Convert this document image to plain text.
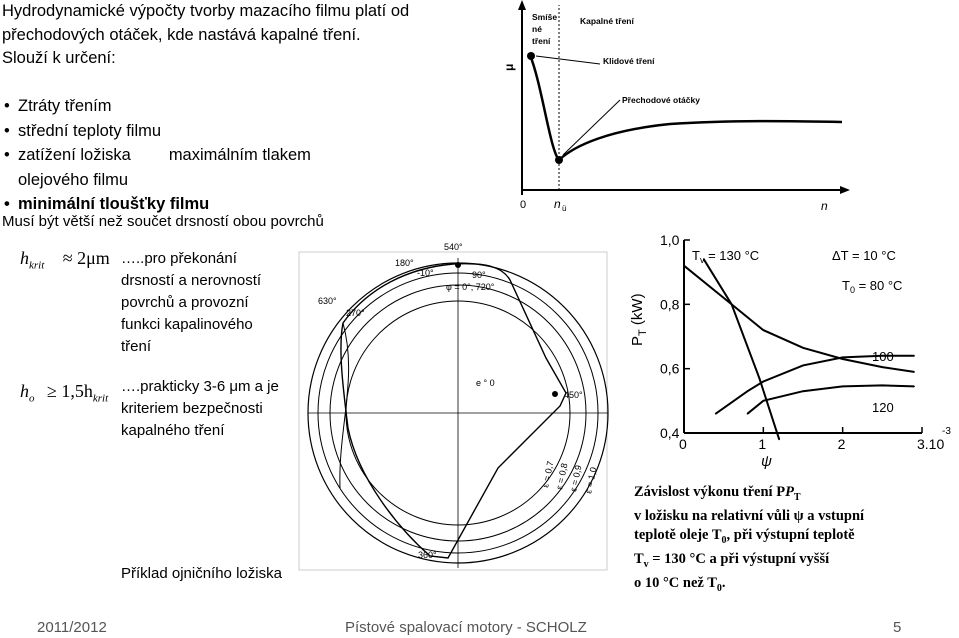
Hydrodynamické výpočty tvorby mazacího filmu platí od přechodových otáček, kde nastává kapalné tření.
Slouží k určení:
• Ztráty třením
• střední teploty filmu
• zatížení ložiska maximálním tlakem
olejového filmu
• minimální tloušťky filmu
Musí být větší než součet drsností obou povrchů
$h_{krit} \approx 2\mu m$ …..pro překonání drsností a nerovností povrchů a provozní funkci kapalinového tření
$h_o \ge 1,5h_{krit}$
….prakticky 3-6 μm a je kriteriem bezpečnosti kapalného tření
Příklad ojničního ložiska
μ
Smíše
né
tření
Kapalné tření
Klidové tření
Přechodové otáčky
0 n ü	n
540°
180°
-10°	90°
φ = 0°, 720°
630°
270°
450°
360°
e ° 0
ε = 0,7
ε = 0,8
ε = 0,9 ε = 1,0
0	1	2	3.10
1,0
0,8
0,6
0,4
$P_T$ (kW)
ψ
$T_v = 130$ °C	ΔT = 10 °C
$T_0 = 80$ °C
100
120
-3
Závislost výkonu tření $PP_T$
v ložisku na relativní vůli ψ a vstupní
teplotě oleje $T_0$, při výstupní teplotě
$T_v = 130$ °C a při výstupní vyšší
o 10 °C než $T_0$.
2011/2012	Pístové spalovací motory - SCHOLZ	5
